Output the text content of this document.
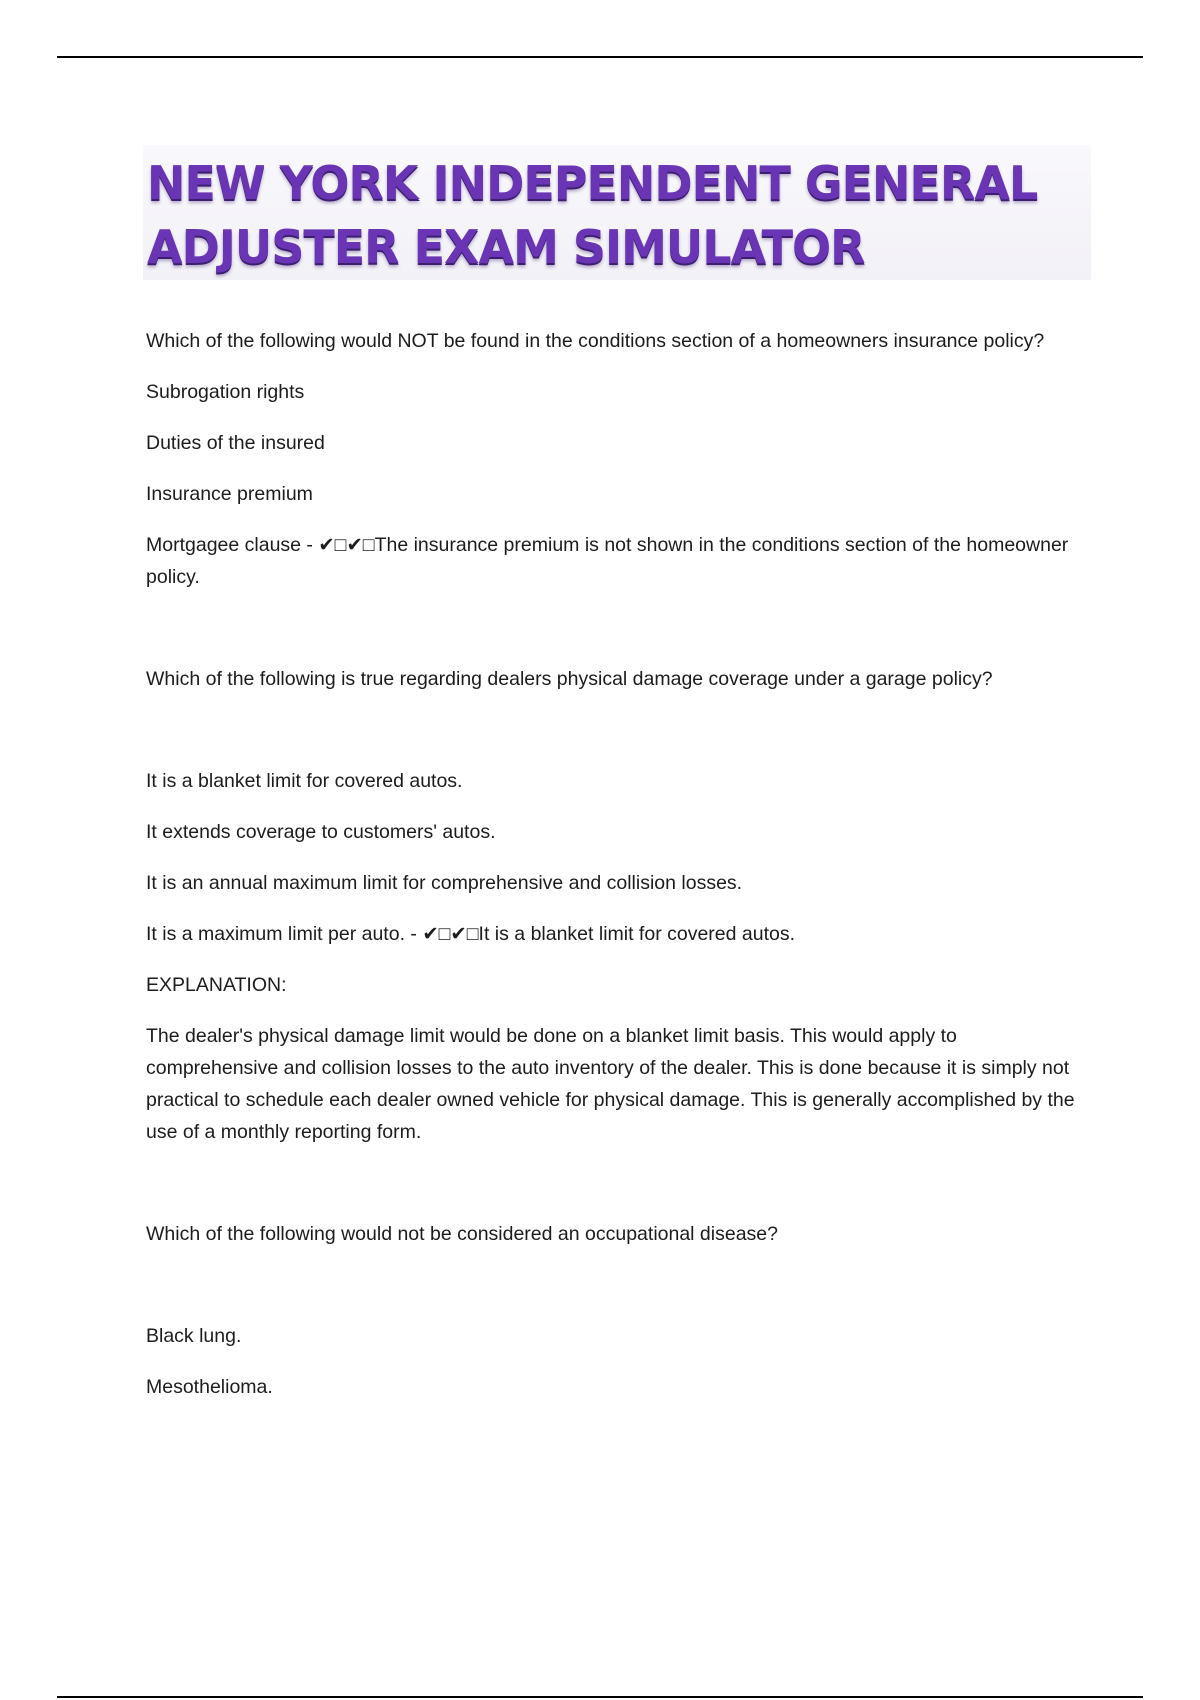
NEW YORK INDEPENDENT GENERAL
ADJUSTER EXAM SIMULATOR

Which of the following would NOT be found in the conditions section of a homeowners insurance policy?

Subrogation rights

Duties of the insured

Insurance premium

Mortgagee clause - ✔□✔□The insurance premium is not shown in the conditions section of the homeowner policy.

Which of the following is true regarding dealers physical damage coverage under a garage policy?

It is a blanket limit for covered autos.

It extends coverage to customers' autos.

It is an annual maximum limit for comprehensive and collision losses.

It is a maximum limit per auto. - ✔□✔□It is a blanket limit for covered autos.

EXPLANATION:

The dealer's physical damage limit would be done on a blanket limit basis. This would apply to comprehensive and collision losses to the auto inventory of the dealer. This is done because it is simply not practical to schedule each dealer owned vehicle for physical damage. This is generally accomplished by the use of a monthly reporting form.

Which of the following would not be considered an occupational disease?

Black lung.

Mesothelioma.
